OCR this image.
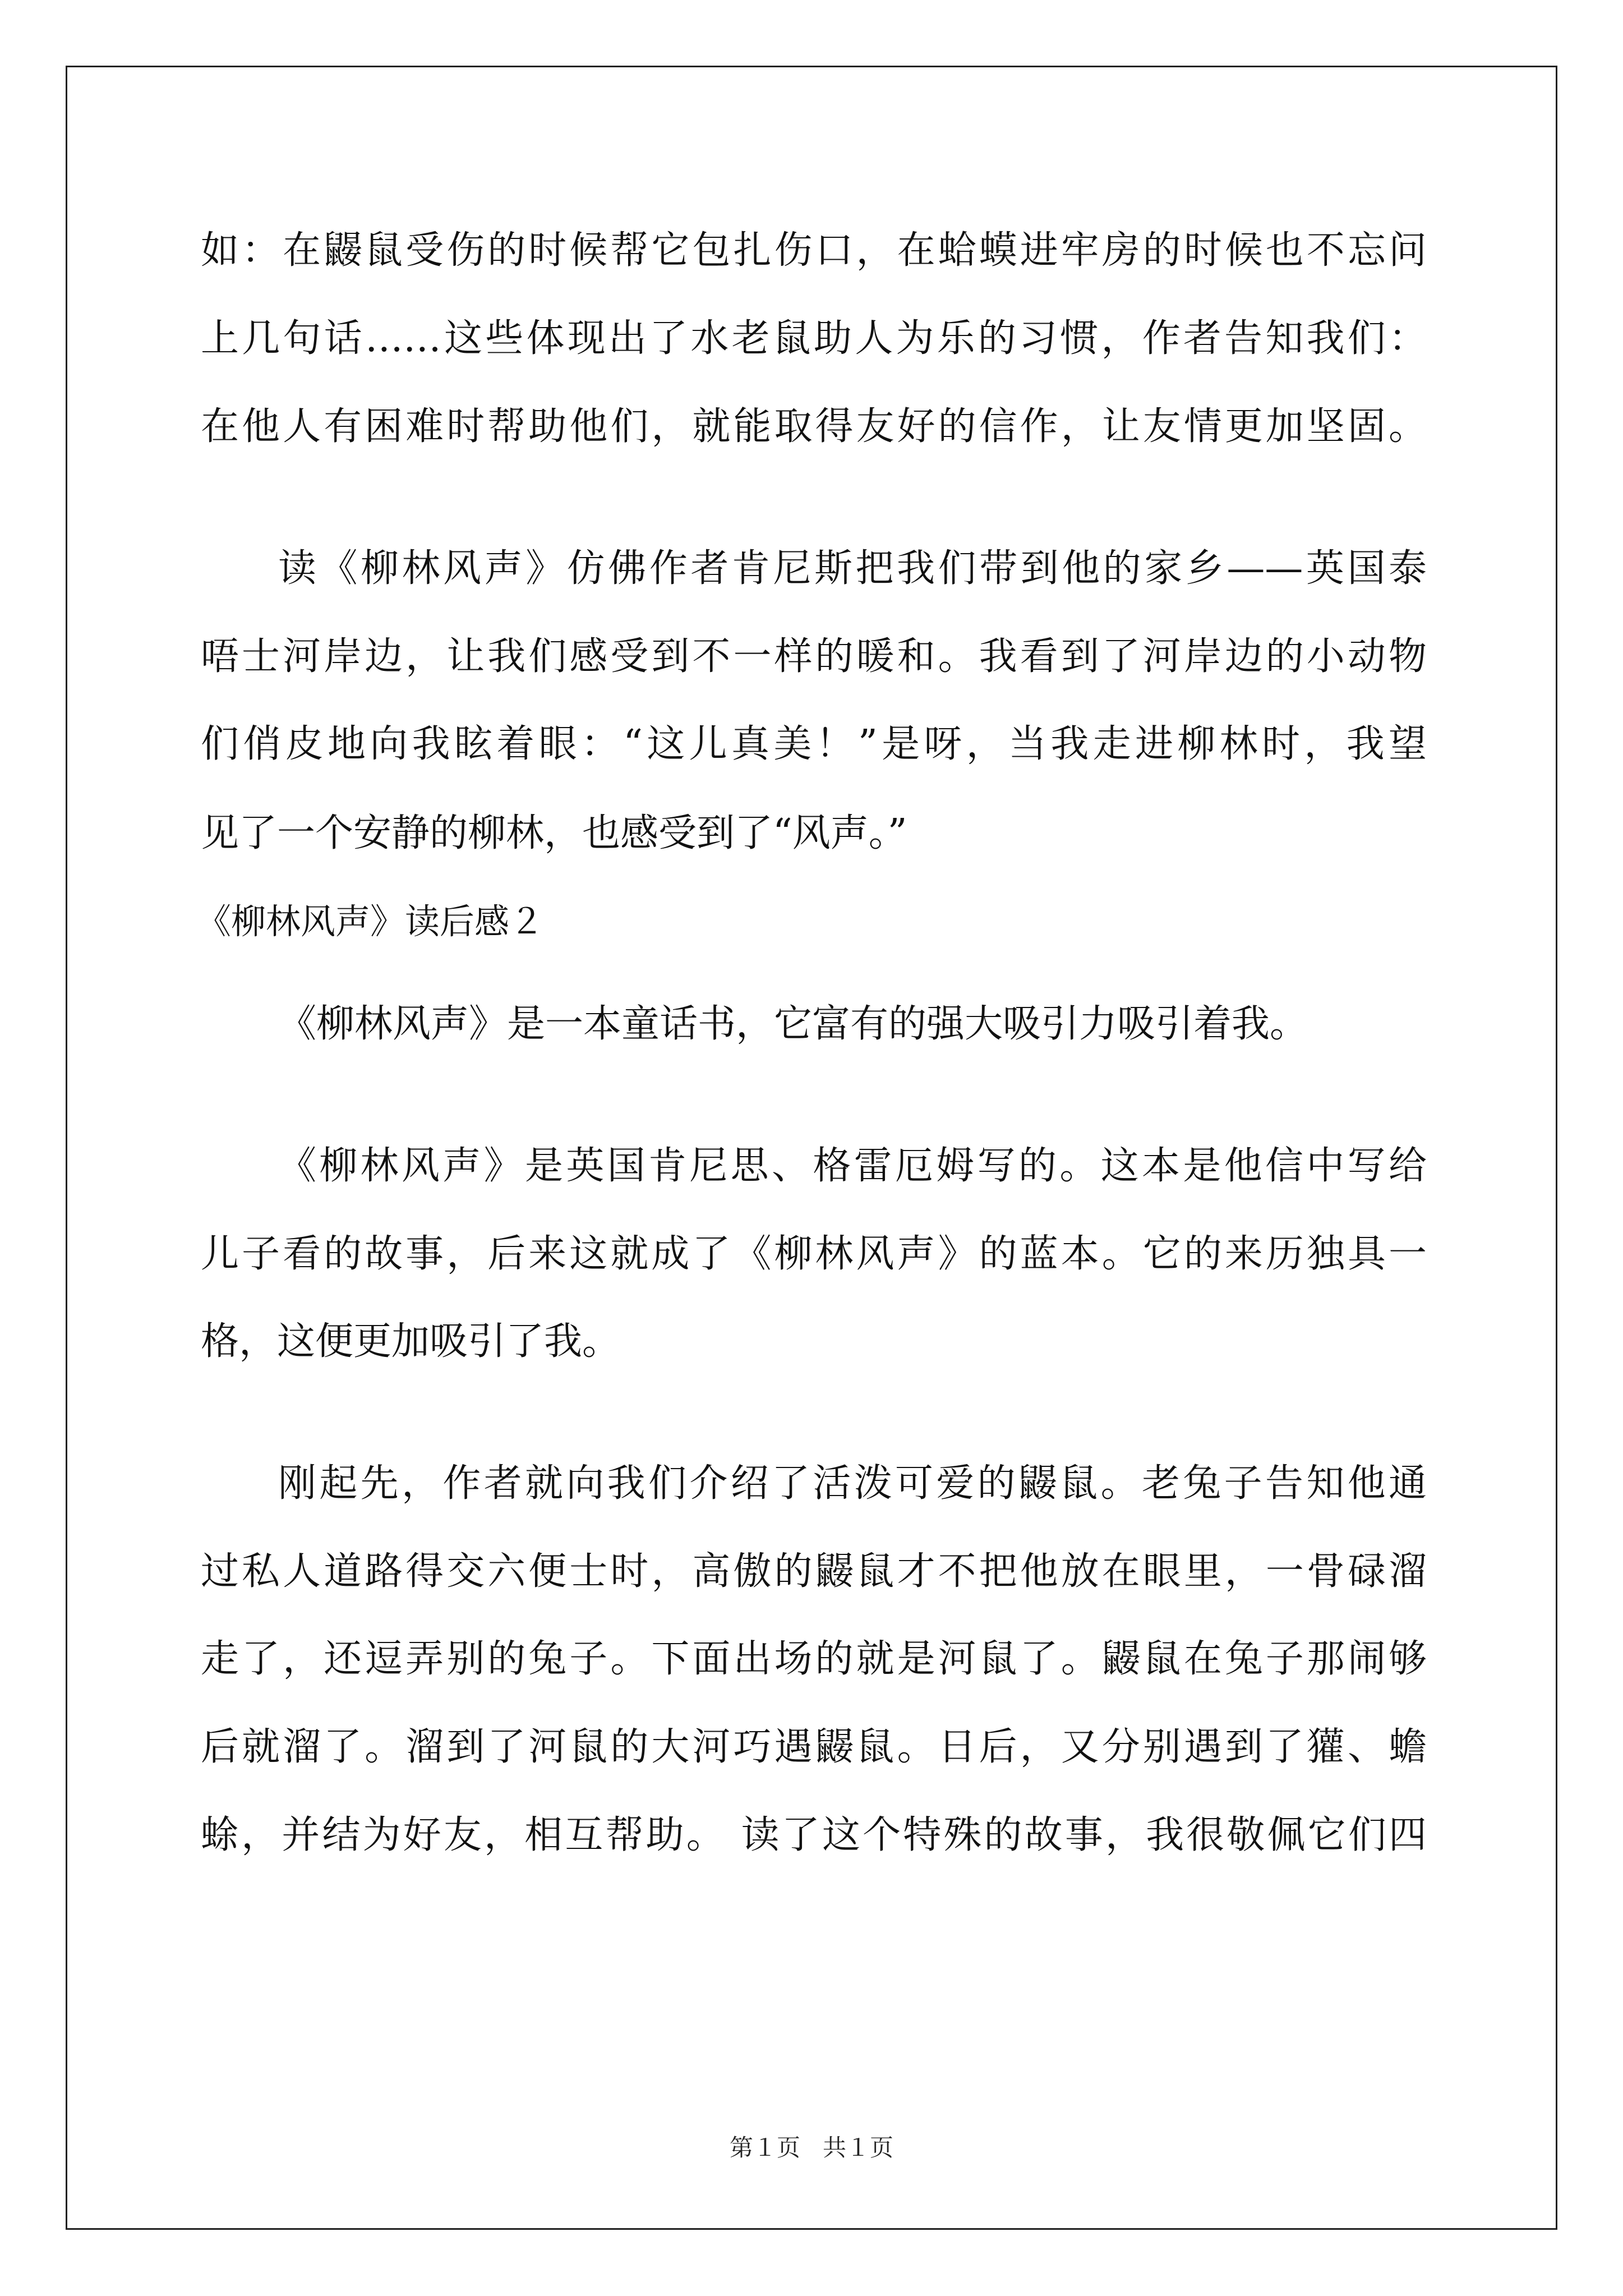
如：在鼹鼠受伤的时候帮它包扎伤口，在蛤蟆进牢房的时候也不忘问
上几句话……这些体现出了水老鼠助人为乐的习惯，作者告知我们：
在他人有困难时帮助他们，就能取得友好的信作，让友情更加坚固。
读《柳林风声》仿佛作者肯尼斯把我们带到他的家乡——英国泰
唔士河岸边，让我们感受到不一样的暖和。我看到了河岸边的小动物
们俏皮地向我眩着眼：“这儿真美！”是呀，当我走进柳林时，我望
见了一个安静的柳林，也感受到了“风声。”
《柳林风声》读后感２
《柳林风声》是一本童话书，它富有的强大吸引力吸引着我。
《柳林风声》是英国肯尼思、格雷厄姆写的。这本是他信中写给
儿子看的故事，后来这就成了《柳林风声》的蓝本。它的来历独具一
格，这便更加吸引了我。
刚起先，作者就向我们介绍了活泼可爱的鼹鼠。老兔子告知他通
过私人道路得交六便士时，高傲的鼹鼠才不把他放在眼里，一骨碌溜
走了，还逗弄别的兔子。下面出场的就是河鼠了。鼹鼠在兔子那闹够
后就溜了。溜到了河鼠的大河巧遇鼹鼠。日后，又分别遇到了獾、蟾
蜍，并结为好友，相互帮助。 读了这个特殊的故事，我很敬佩它们四
第１页   共１页
